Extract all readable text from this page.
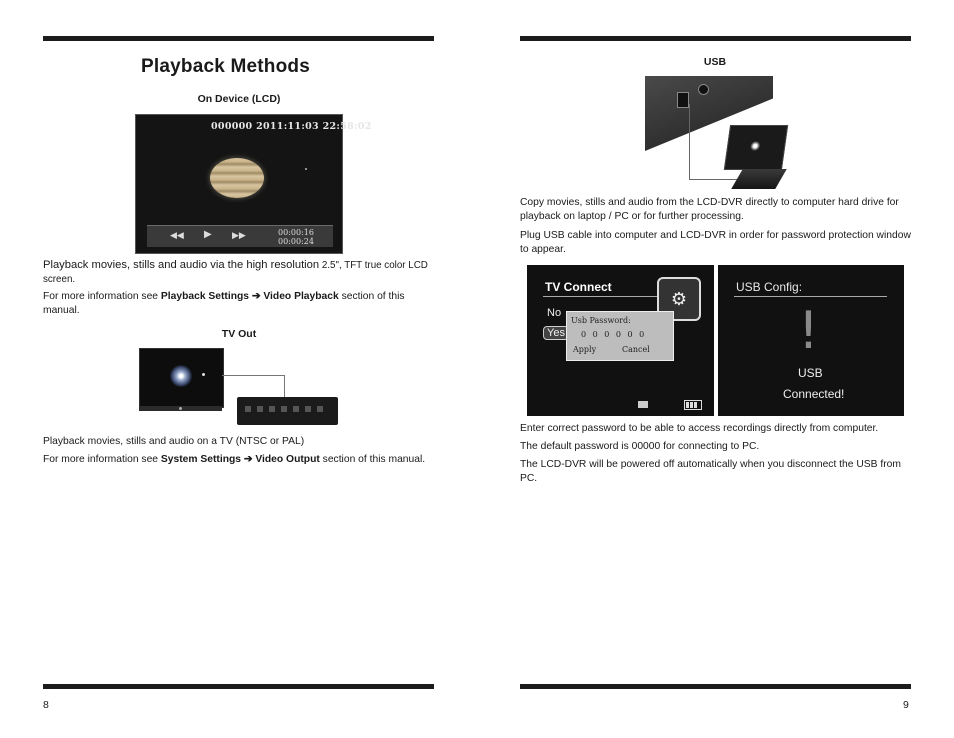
Playback Methods
On Device (LCD)
000000 2011:11:03 22:58:02
◀◀ ▶ ▶▶	00:00:16
00:00:24
Playback movies, stills and audio via the high resolution 2.5", TFT true color LCD screen.
For more information see Playback Settings ➔ Video Playback section of this manual.
TV Out
Playback movies, stills and audio on a TV (NTSC or PAL)
For more information see System Settings ➔ Video Output section of this manual.
8
USB
Copy movies, stills and audio from the LCD-DVR directly to computer hard drive for playback on laptop / PC or for further processing.
Plug USB cable into computer and LCD-DVR in order for password protection window to appear.
TV Connect
⚙
No
Yes
Usb Password:
0 0 0 0 0 0
Apply	Cancel
USB Config:
!
USB
Connected!
Enter correct password to be able to access recordings directly from computer.
The default password is 00000 for connecting to PC.
The LCD-DVR will be powered off automatically when you disconnect the USB from PC.
9
